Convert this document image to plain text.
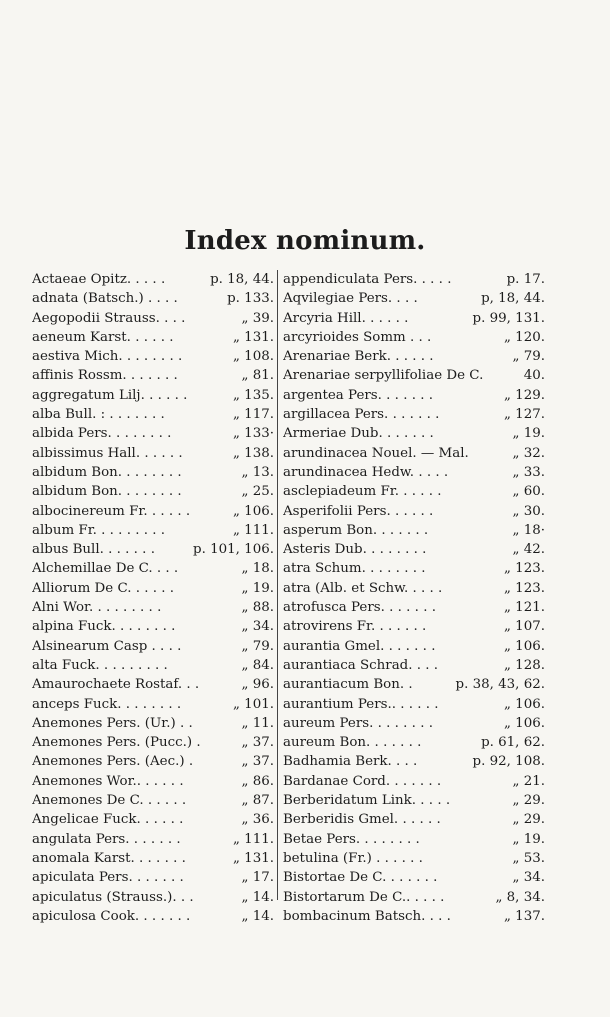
Index nominum.
Actaeae Opitz. . . . .	p. 18, 44.
adnata (Batsch.) . . . .	p. 133.
Aegopodii Strauss. . . .	„ 39.
aeneum Karst. . . . . .	„ 131.
aestiva Mich. . . . . . . .	„ 108.
affinis Rossm. . . . . . .	„ 81.
aggregatum Lilj. . . . . .	„ 135.
alba Bull. : . . . . . . .	„ 117.
albida Pers. . . . . . . .	„ 133·
albissimus Hall. . . . . .	„ 138.
albidum Bon. . . . . . . .	„ 13.
albidum Bon. . . . . . . .	„ 25.
albocinereum Fr. . . . . .	„ 106.
album Fr. . . . . . . . .	„ 111.
albus Bull. . . . . . .	p. 101, 106.
Alchemillae De C. . . .	„ 18.
Alliorum De C. . . . . .	„ 19.
Alni Wor. . . . . . . . .	„ 88.
alpina Fuck. . . . . . . .	„ 34.
Alsinearum Casp . . . .	„ 79.
alta Fuck. . . . . . . . .	„ 84.
Amaurochaete Rostaf. . .	„ 96.
anceps Fuck. . . . . . . .	„ 101.
Anemones Pers. (Ur.) . .	„ 11.
Anemones Pers. (Pucc.) .	„ 37.
Anemones Pers. (Aec.) .	„ 37.
Anemones Wor.. . . . . .	„ 86.
Anemones De C. . . . . .	„ 87.
Angelicae Fuck. . . . . .	„ 36.
angulata Pers. . . . . . .	„ 111.
anomala Karst. . . . . . .	„ 131.
apiculata Pers. . . . . . .	„ 17.
apiculatus (Strauss.). . .	„ 14.
apiculosa Cook. . . . . . .	„ 14.
appendiculata Pers. . . . .	p. 17.
Aqvilegiae Pers. . . .	p, 18, 44.
Arcyria Hill. . . . . .	p. 99, 131.
arcyrioides Somm . . .	„ 120.
Arenariae Berk. . . . . .	„ 79.
Arenariae serpyllifoliae De C.	40.
argentea Pers. . . . . . .	„ 129.
argillacea Pers. . . . . . .	„ 127.
Armeriae Dub. . . . . . .	„ 19.
arundinacea Nouel. — Mal.	„ 32.
arundinacea Hedw. . . . .	„ 33.
asclepiadeum Fr. . . . . .	„ 60.
Asperifolii Pers. . . . . .	„ 30.
asperum Bon. . . . . . .	„ 18·
Asteris Dub. . . . . . . .	„ 42.
atra Schum. . . . . . . .	„ 123.
atra (Alb. et Schw. . . . .	„ 123.
atrofusca Pers. . . . . . .	„ 121.
atrovirens Fr. . . . . . .	„ 107.
aurantia Gmel. . . . . . .	„ 106.
aurantiaca Schrad. . . .	„ 128.
aurantiacum Bon. .	p. 38, 43, 62.
aurantium Pers.. . . . . .	„ 106.
aureum Pers. . . . . . . .	„ 106.
aureum Bon. . . . . . .	p. 61, 62.
Badhamia Berk. . . .	p. 92, 108.
Bardanae Cord. . . . . . .	„ 21.
Berberidatum Link. . . . .	„ 29.
Berberidis Gmel. . . . . .	„ 29.
Betae Pers. . . . . . . .	„ 19.
betulina (Fr.) . . . . . .	„ 53.
Bistortae De C. . . . . . .	„ 34.
Bistortarum De C.. . . . .	„ 8, 34.
bombacinum Batsch. . . .	„ 137.
